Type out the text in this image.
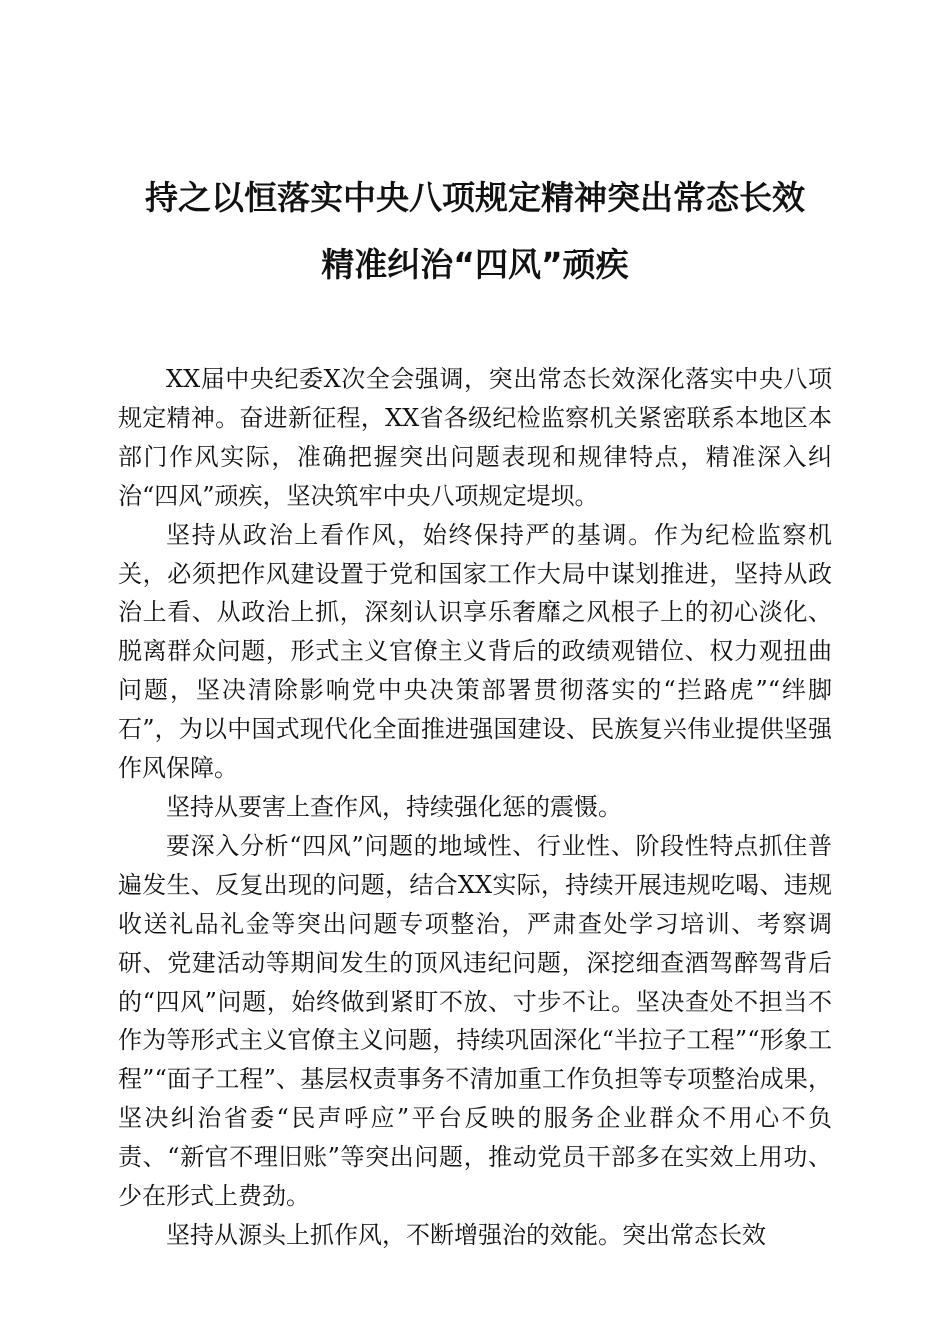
持之以恒落实中央八项规定精神突出常态长效
精准纠治“四风”顽疾

XX届中央纪委X次全会强调，突出常态长效深化落实中央八项规定精神。奋进新征程，XX省各级纪检监察机关紧密联系本地区本部门作风实际，准确把握突出问题表现和规律特点，精准深入纠治“四风”顽疾，坚决筑牢中央八项规定堤坝。

坚持从政治上看作风，始终保持严的基调。作为纪检监察机关，必须把作风建设置于党和国家工作大局中谋划推进，坚持从政治上看、从政治上抓，深刻认识享乐奢靡之风根子上的初心淡化、脱离群众问题，形式主义官僚主义背后的政绩观错位、权力观扭曲问题，坚决清除影响党中央决策部署贯彻落实的“拦路虎”“绊脚石”，为以中国式现代化全面推进强国建设、民族复兴伟业提供坚强作风保障。

坚持从要害上查作风，持续强化惩的震慑。

要深入分析“四风”问题的地域性、行业性、阶段性特点抓住普遍发生、反复出现的问题，结合XX实际，持续开展违规吃喝、违规收送礼品礼金等突出问题专项整治，严肃查处学习培训、考察调研、党建活动等期间发生的顶风违纪问题，深挖细查酒驾醉驾背后的“四风”问题，始终做到紧盯不放、寸步不让。坚决查处不担当不作为等形式主义官僚主义问题，持续巩固深化“半拉子工程”“形象工程”“面子工程”、基层权责事务不清加重工作负担等专项整治成果，坚决纠治省委“民声呼应”平台反映的服务企业群众不用心不负责、“新官不理旧账”等突出问题，推动党员干部多在实效上用功、少在形式上费劲。

坚持从源头上抓作风，不断增强治的效能。突出常态长效
